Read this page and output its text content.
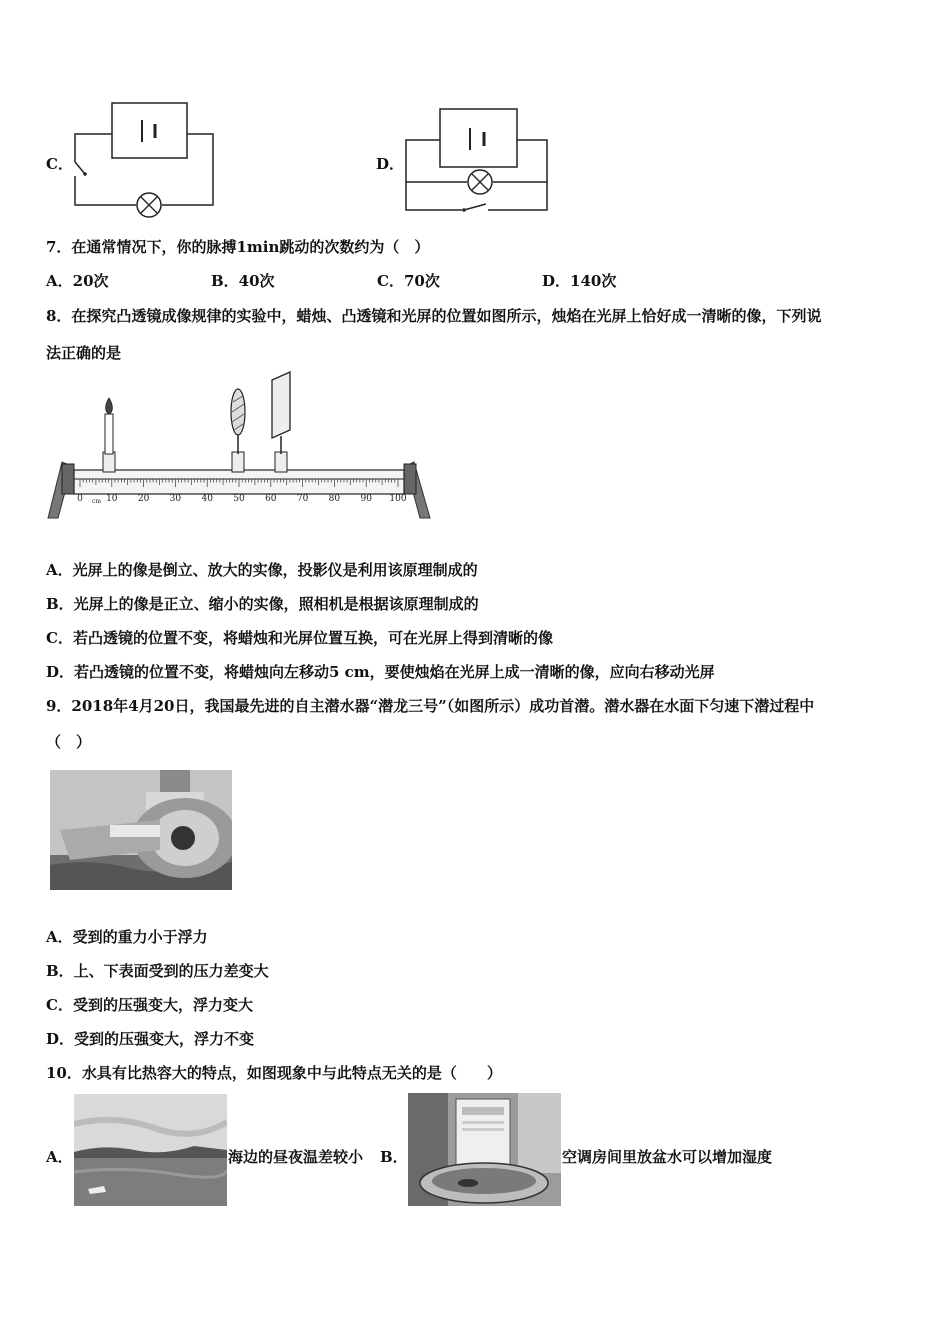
C．	D．
7．在通常情况下，你的脉搏1min跳动的次数约为（　）
A．20次	B．40次	C．70次	D．140次
8．在探究凸透镜成像规律的实验中，蜡烛、凸透镜和光屏的位置如图所示，烛焰在光屏上恰好成一清晰的像，下列说
法正确的是
0	10 20 30 40 50 60 70 80 90 100
cm
A．光屏上的像是倒立、放大的实像，投影仪是利用该原理制成的
B．光屏上的像是正立、缩小的实像，照相机是根据该原理制成的
C．若凸透镜的位置不变，将蜡烛和光屏位置互换，可在光屏上得到清晰的像
D．若凸透镜的位置不变，将蜡烛向左移动5 cm，要使烛焰在光屏上成一清晰的像，应向右移动光屏
9．2018年4月20日，我国最先进的自主潜水器“潜龙三号”（如图所示）成功首潜。潜水器在水面下匀速下潜过程中
（　）
A．受到的重力小于浮力
B．上、下表面受到的压力差变大
C．受到的压强变大，浮力变大
D．受到的压强变大，浮力不变
10．水具有比热容大的特点，如图现象中与此特点无关的是（　　）
A．	海边的昼夜温差较小 B．	空调房间里放盆水可以增加湿度
